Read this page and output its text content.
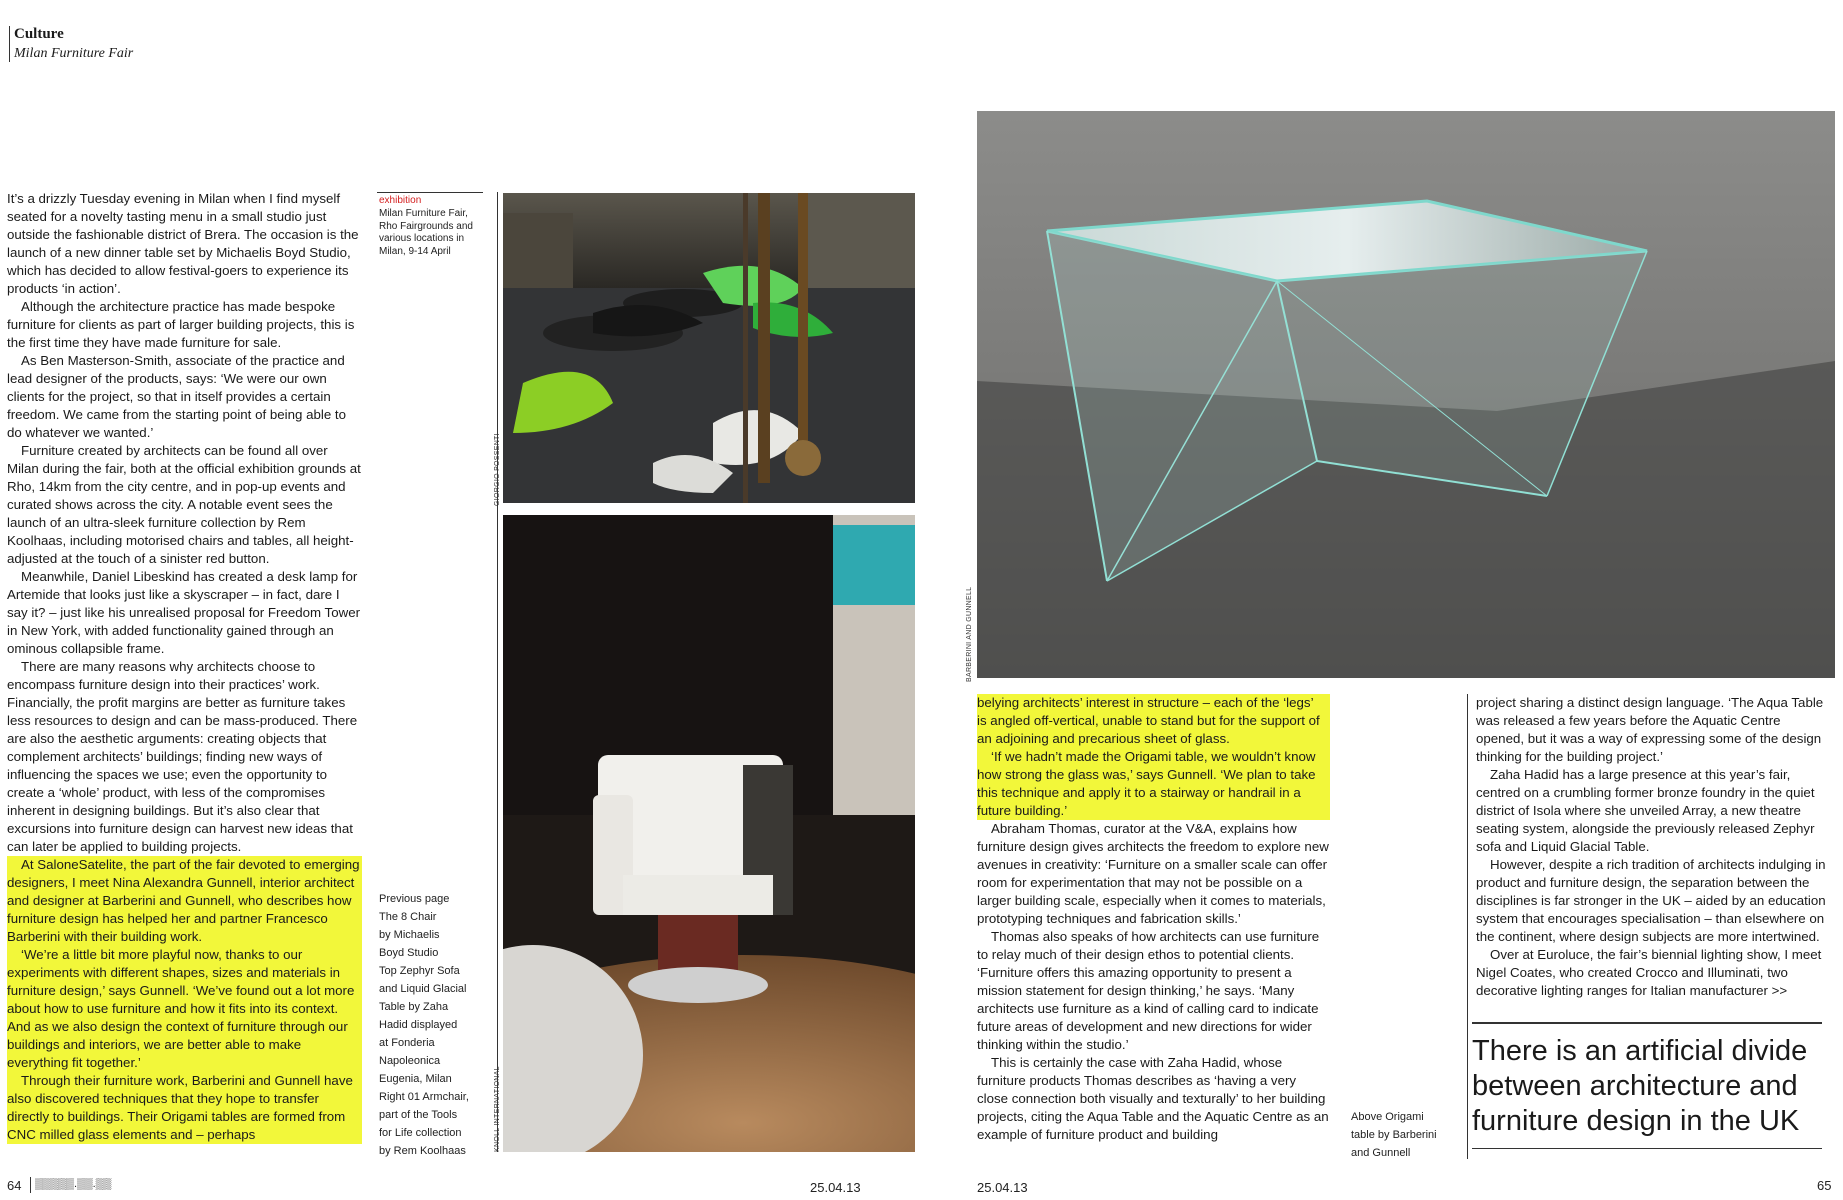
Culture
Milan Furniture Fair

It’s a drizzly Tuesday evening in Milan when I find myself seated for a novelty tasting menu in a small studio just outside the fashionable district of Brera. The occasion is the launch of a new dinner table set by Michaelis Boyd Studio, which has decided to allow festival-goers to experience its products ‘in action’.

Although the architecture practice has made bespoke furniture for clients as part of larger building projects, this is the first time they have made furniture for sale.

As Ben Masterson-Smith, associate of the practice and lead designer of the products, says: ‘We were our own clients for the project, so that in itself provides a certain freedom. We came from the starting point of being able to do whatever we wanted.’

Furniture created by architects can be found all over Milan during the fair, both at the official exhibition grounds at Rho, 14km from the city centre, and in pop-up events and curated shows across the city. A notable event sees the launch of an ultra-sleek furniture collection by Rem Koolhaas, including motorised chairs and tables, all height-adjusted at the touch of a sinister red button.

Meanwhile, Daniel Libeskind has created a desk lamp for Artemide that looks just like a skyscraper – in fact, dare I say it? – just like his unrealised proposal for Freedom Tower in New York, with added functionality gained through an ominous collapsible frame.

There are many reasons why architects choose to encompass furniture design into their practices’ work. Financially, the profit margins are better as furniture takes less resources to design and can be mass-produced. There are also the aesthetic arguments: creating objects that complement architects’ buildings; finding new ways of influencing the spaces we use; even the opportunity to create a ‘whole’ product, with less of the compromises inherent in designing buildings. But it’s also clear that excursions into furniture design can harvest new ideas that can later be applied to building projects.

At SaloneSatelite, the part of the fair devoted to emerging designers, I meet Nina Alexandra Gunnell, interior architect and designer at Barberini and Gunnell, who describes how furniture design has helped her and partner Francesco Barberini with their building work.

‘We’re a little bit more playful now, thanks to our experiments with different shapes, sizes and materials in furniture design,’ says Gunnell. ‘We’ve found out a lot more about how to use furniture and how it fits into its context. And as we also design the context of furniture through our buildings and interiors, we are better able to make everything fit together.’

Through their furniture work, Barberini and Gunnell have also discovered techniques that they hope to transfer directly to buildings. Their Origami tables are formed from CNC milled glass elements and – perhaps

exhibition
Milan Furniture Fair, Rho Fairgrounds and various locations in Milan, 9-14 April
GIORGIO POSSENTI
KNOLL INTERNATIONAL
Previous page
The 8 Chair
by Michaelis
Boyd Studio
Top Zephyr Sofa
and Liquid Glacial
Table by Zaha
Hadid displayed
at Fonderia
Napoleonica
Eugenia, Milan
Right 01 Armchair,
part of the Tools
for Life collection
by Rem Koolhaas
BARBERINI AND GUNNELL

belying architects’ interest in structure – each of the ‘legs’ is angled off-vertical, unable to stand but for the support of an adjoining and precarious sheet of glass.

‘If we hadn’t made the Origami table, we wouldn’t know how strong the glass was,’ says Gunnell. ‘We plan to take this technique and apply it to a stairway or handrail in a future building.’

Abraham Thomas, curator at the V&A, explains how furniture design gives architects the freedom to explore new avenues in creativity: ‘Furniture on a smaller scale can offer room for experimentation that may not be possible on a larger building scale, especially when it comes to materials, prototyping techniques and fabrication skills.’

Thomas also speaks of how architects can use furniture to relay much of their design ethos to potential clients. ‘Furniture offers this amazing opportunity to present a mission statement for design thinking,’ he says. ‘Many architects use furniture as a kind of calling card to indicate future areas of development and new directions for wider thinking within the studio.’

This is certainly the case with Zaha Hadid, whose furniture products Thomas describes as ‘having a very close connection both visually and texturally’ to her building projects, citing the Aqua Table and the Aquatic Centre as an example of furniture product and building

Above Origami
table by Barberini
and Gunnell

project sharing a distinct design language. ‘The Aqua Table was released a few years before the Aquatic Centre opened, but it was a way of expressing some of the design thinking for the building project.’

Zaha Hadid has a large presence at this year’s fair, centred on a crumbling former bronze foundry in the quiet district of Isola where she unveiled Array, a new theatre seating system, alongside the previously released Zephyr sofa and Liquid Glacial Table.

However, despite a rich tradition of architects indulging in product and furniture design, the separation between the disciplines is far stronger in the UK – aided by an education system that encourages specialisation – than elsewhere on the continent, where design subjects are more intertwined.

Over at Euroluce, the fair’s biennial lighting show, I meet Nigel Coates, who created Crocco and Illuminati, two decorative lighting ranges for Italian manufacturer >>

There is an artificial divide between architecture and furniture design in the UK
64 ▒▒▒▒▒.▒▒.▒▒	25.04.13	25.04.13	65
